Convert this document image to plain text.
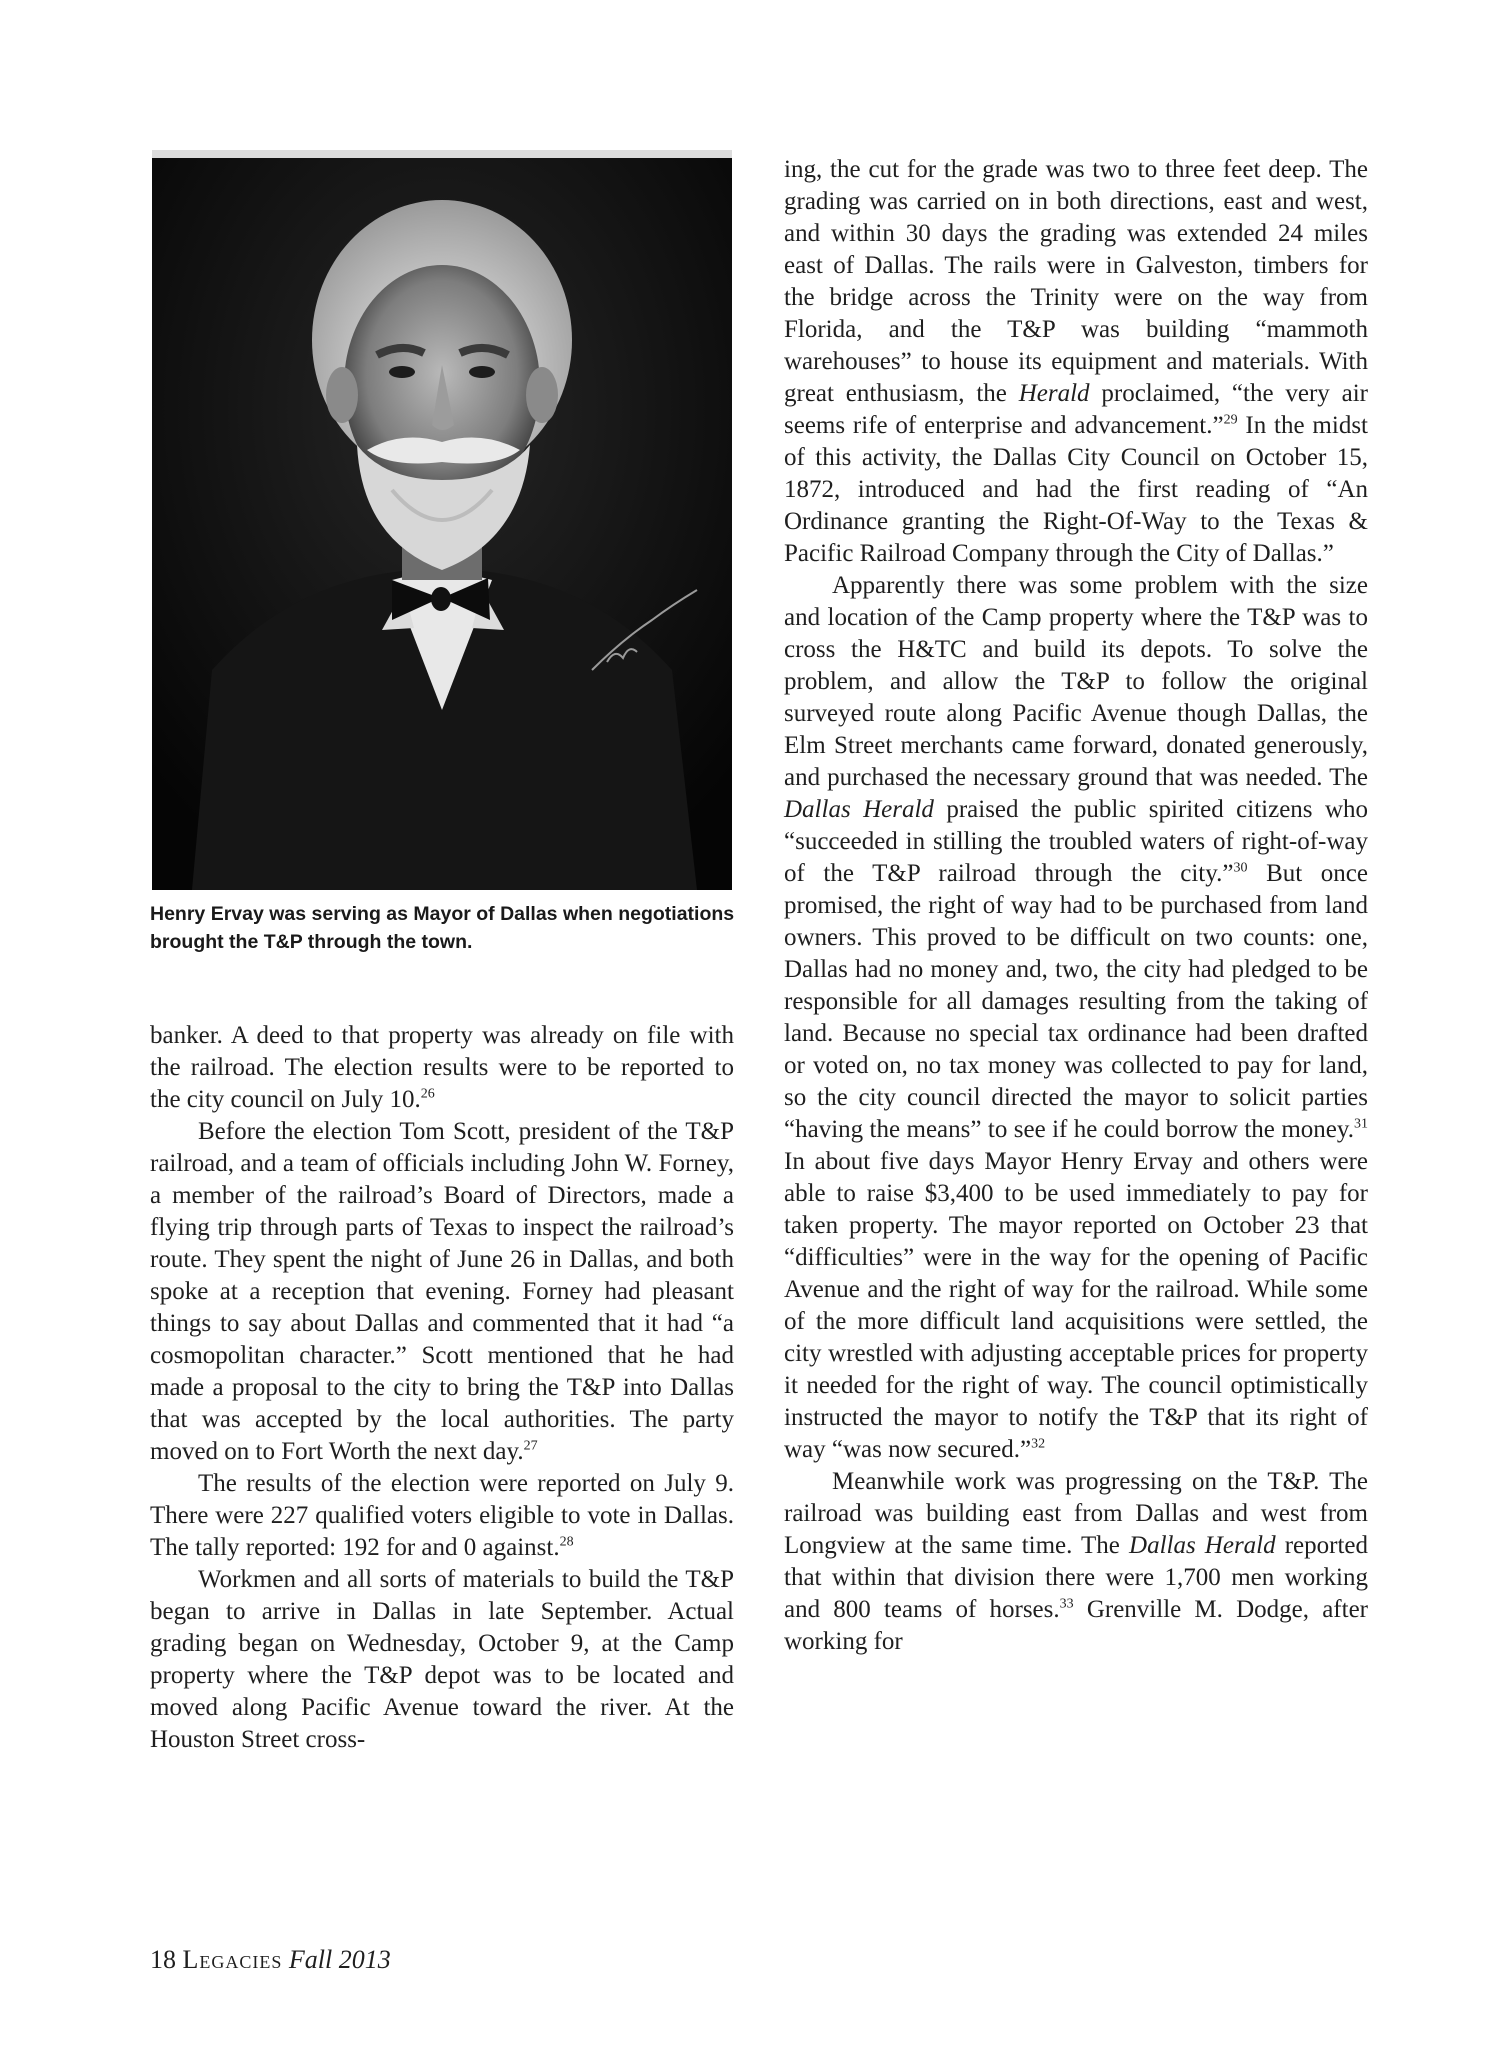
Henry Ervay was serving as Mayor of Dallas when negotiations brought the T&P through the town.

banker. A deed to that property was already on file with the railroad. The election results were to be reported to the city council on July 10.26

Before the election Tom Scott, president of the T&P railroad, and a team of officials including John W. Forney, a member of the railroad’s Board of Directors, made a flying trip through parts of Texas to inspect the railroad’s route. They spent the night of June 26 in Dallas, and both spoke at a reception that evening. Forney had pleasant things to say about Dallas and commented that it had “a cosmopolitan character.” Scott mentioned that he had made a proposal to the city to bring the T&P into Dallas that was accepted by the local authorities. The party moved on to Fort Worth the next day.$^{27}$

The results of the election were reported on July 9. There were 227 qualified voters eligible to vote in Dallas. The tally reported: 192 for and 0 against.$^{28}$

Workmen and all sorts of materials to build the T&P began to arrive in Dallas in late September. Actual grading began on Wednesday, October 9, at the Camp property where the T&P depot was to be located and moved along Pacific Avenue toward the river. At the Houston Street cross-

ing, the cut for the grade was two to three feet deep. The grading was carried on in both directions, east and west, and within 30 days the grading was extended 24 miles east of Dallas. The rails were in Galveston, timbers for the bridge across the Trinity were on the way from Florida, and the T&P was building “mammoth warehouses” to house its equipment and materials. With great enthusiasm, the Herald proclaimed, “the very air seems rife of enterprise and advancement.”$^{29}$ In the midst of this activity, the Dallas City Council on October 15, 1872, introduced and had the first reading of “An Ordinance granting the Right-Of-Way to the Texas & Pacific Railroad Company through the City of Dallas.”

Apparently there was some problem with the size and location of the Camp property where the T&P was to cross the H&TC and build its depots. To solve the problem, and allow the T&P to follow the original surveyed route along Pacific Avenue though Dallas, the Elm Street merchants came forward, donated generously, and purchased the necessary ground that was needed. The Dallas Herald praised the public spirited citizens who “succeeded in stilling the troubled waters of right-of-way of the T&P railroad through the city.”$^{30}$ But once promised, the right of way had to be purchased from land owners. This proved to be difficult on two counts: one, Dallas had no money and, two, the city had pledged to be responsible for all damages resulting from the taking of land. Because no special tax ordinance had been drafted or voted on, no tax money was collected to pay for land, so the city council directed the mayor to solicit parties “having the means” to see if he could borrow the money.$^{31}$ In about five days Mayor Henry Ervay and others were able to raise $3,400 to be used immediately to pay for taken property. The mayor reported on October 23 that “difficulties” were in the way for the opening of Pacific Avenue and the right of way for the railroad. While some of the more difficult land acquisitions were settled, the city wrestled with adjusting acceptable prices for property it needed for the right of way. The council optimistically instructed the mayor to notify the T&P that its right of way “was now secured.”$^{32}$

Meanwhile work was progressing on the T&P. The railroad was building east from Dallas and west from Longview at the same time. The Dallas Herald reported that within that division there were 1,700 men working and 800 teams of horses.$^{33}$ Grenville M. Dodge, after working for

18 Legacies Fall 2013
